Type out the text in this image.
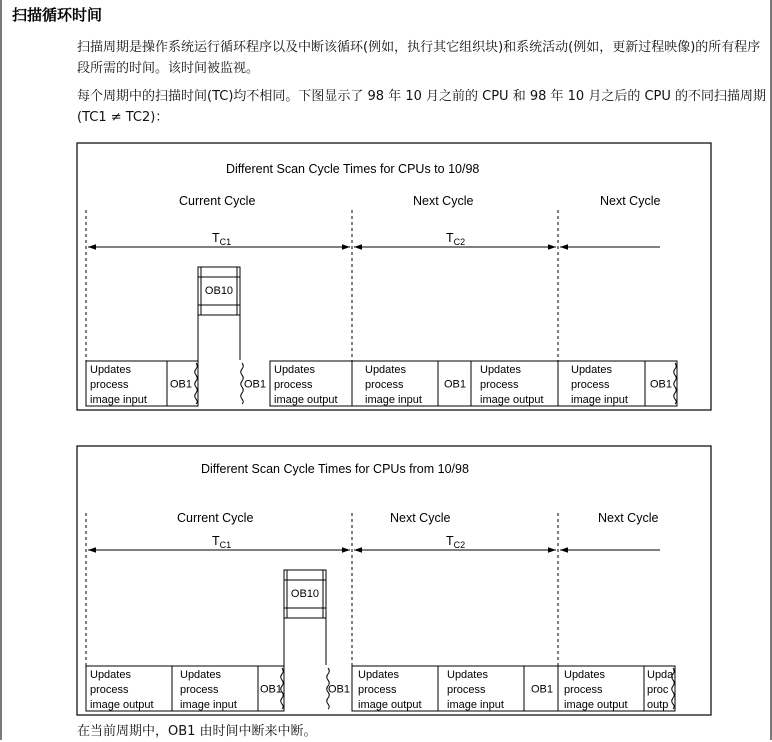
扫描循环时间

扫描周期是操作系统运行循环程序以及中断该循环(例如，执行其它组织块)和系统活动(例如，更新过程映像)的所有程序段所需的时间。该时间被监视。

每个周期中的扫描时间(TC)均不相同。下图显示了 98 年 10 月之前的 CPU 和 98 年 10 月之后的 CPU 的不同扫描周期(TC1 ≠ TC2)：

Different Scan Cycle Times for CPUs to 10/98
Current Cycle	Next Cycle	Next Cycle
$T_{C1}$	$T_{C2}$
OB10
Updates
process
image input
OB1	OB1
Updates
process
image output
Updates
process
image input
OB1
Updates
process
image output
Updates
process
image input
OB1
Different Scan Cycle Times for CPUs from 10/98
Current Cycle	Next Cycle	Next Cycle
$T_{C1}$	$T_{C2}$
OB10
Updates
process
image output
Updates
process
image input
OB1	OB1
Updates
process
image output
Updates
process
image input
OB1
Updates
process
image output
Upda
proc
outp

在当前周期中，OB1 由时间中断来中断。
